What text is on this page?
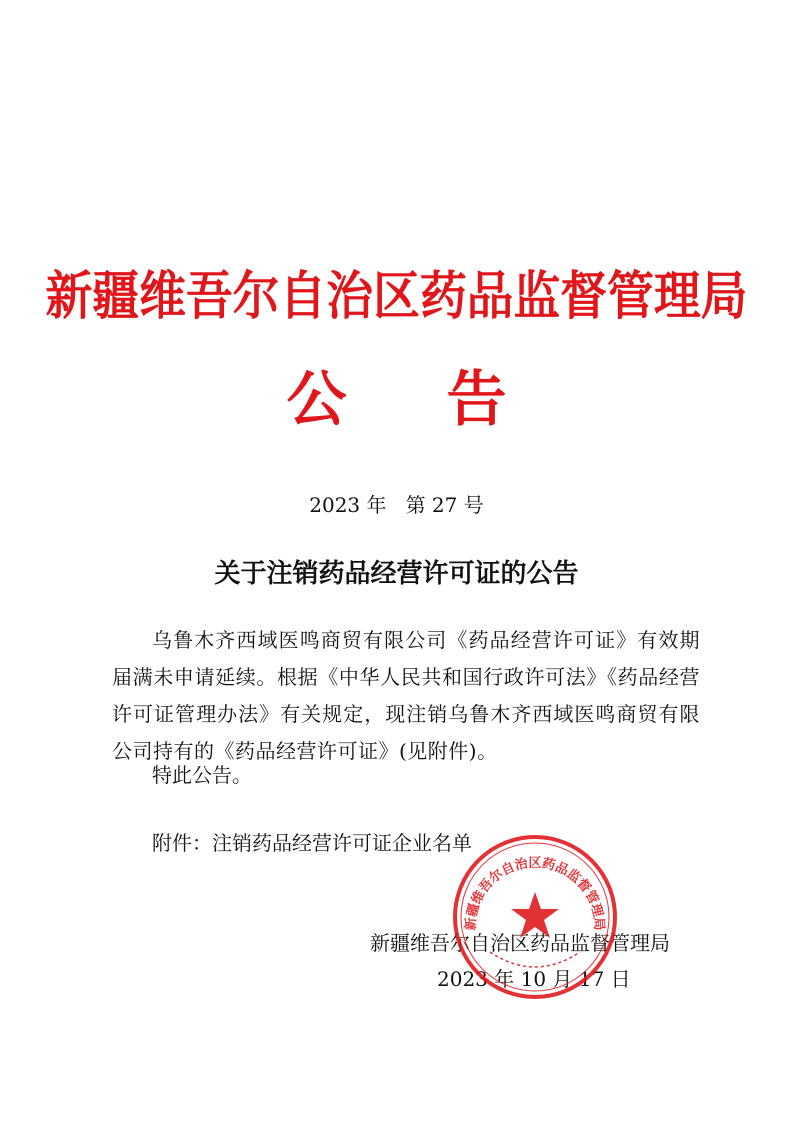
新疆维吾尔自治区药品监督管理局
公告
2023 年   第 27 号
关于注销药品经营许可证的公告
乌鲁木齐西域医鸣商贸有限公司《药品经营许可证》有效期届满未申请延续。根据《中华人民共和国行政许可法》《药品经营许可证管理办法》有关规定，现注销乌鲁木齐西域医鸣商贸有限公司持有的《药品经营许可证》(见附件)。
特此公告。
附件：注销药品经营许可证企业名单
新疆维吾尔自治区药品监督管理局
2023 年 10 月 17 日
新疆维吾尔自治区药品监督管理局
